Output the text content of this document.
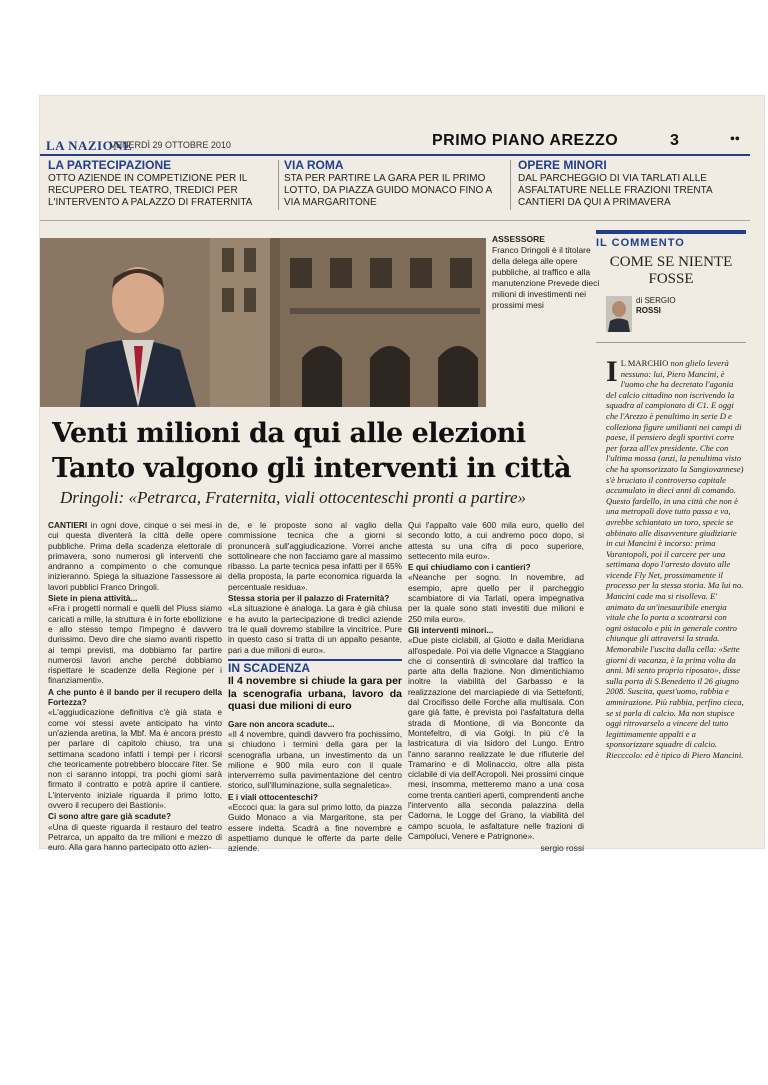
LA NAZIONE
VENERDÌ 29 OTTOBRE 2010	PRIMO PIANO AREZZO	3	••
LA PARTECIPAZIONE
OTTO AZIENDE IN COMPETIZIONE PER IL RECUPERO DEL TEATRO, TREDICI PER L'INTERVENTO A PALAZZO DI FRATERNITA
VIA ROMA
STA PER PARTIRE LA GARA PER IL PRIMO LOTTO, DA PIAZZA GUIDO MONACO FINO A VIA MARGARITONE
OPERE MINORI
DAL PARCHEGGIO DI VIA TARLATI ALLE ASFALTATURE NELLE FRAZIONI TRENTA CANTIERI DA QUI A PRIMAVERA
ASSESSORE
Franco Dringoli è il titolare della delega alle opere pubbliche, al traffico e alla manutenzione Prevede dieci milioni di investimenti nei prossimi mesi
Venti milioni da qui alle elezioni
Tanto valgono gli interventi in città
Dringoli: «Petrarca, Fraternita, viali ottocenteschi pronti a partire»

CANTIERI in ogni dove, cinque o sei mesi in cui questa diventerà la città delle opere pubbliche. Prima della scadenza elettorale di primavera, sono numerosi gli interventi che andranno a compimento o che comunque inizieranno. Spiega la situazione l'assessore ai lavori pubblici Franco Dringoli.

Siete in piena attività...

«Fra i progetti normali e quelli del Piuss siamo caricati a mille, la struttura è in forte ebollizione e allo stesso tempo l'impegno è davvero durissimo. Devo dire che siamo avanti rispetto ai tempi previsti, ma dobbiamo far partire numerosi lavori anche perché dobbiamo rispettare le scadenze della Regione per i finanziamenti».

A che punto è il bando per il recupero della Fortezza?

«L'aggiudicazione definitiva c'è già stata e come voi stessi avete anticipato ha vinto un'azienda aretina, la Mbf. Ma è ancora presto per parlare di capitolo chiuso, tra una settimana scadono infatti i tempi per i ricorsi che teoricamente potrebbero bloccare l'iter. Se non ci saranno intoppi, tra pochi giorni sarà firmato il contratto e potrà aprire il cantiere. L'intervento iniziale riguarda il primo lotto, ovvero il recupero dei Bastioni».

Ci sono altre gare già scadute?

«Una di queste riguarda il restauro del teatro Petrarca, un appalto da tre milioni e mezzo di euro. Alla gara hanno partecipato otto azien-

de, e le proposte sono al vaglio della commissione tecnica che a giorni si pronuncerà sull'aggiudicazione. Vorrei anche sottolineare che non facciamo gare al massimo ribasso. La parte tecnica pesa infatti per il 65% della proposta, la parte economica riguarda la percentuale residua».

Stessa storia per il palazzo di Fraternità?

«La situazione è analoga. La gara è già chiusa e ha avuto la partecipazione di tredici aziende tra le quali dovremo stabilire la vincitrice. Pure in questo caso si tratta di un appalto pesante, pari a due milioni di euro».

IN SCADENZA
Il 4 novembre si chiude la gara per la scenografia urbana, lavoro da quasi due milioni di euro

Gare non ancora scadute...

«Il 4 novembre, quindi davvero fra pochissimo, si chiudono i termini della gara per la scenografia urbana, un investimento da un milione e 900 mila euro con il quale interverremo sulla pavimentazione del centro storico, sull'illuminazione, sulla segnaletica».

E i viali ottocenteschi?

«Eccoci qua: la gara sul primo lotto, da piazza Guido Monaco a via Margaritone, sta per essere indetta. Scadrà a fine novembre e aspettiamo dunque le offerte da parte delle aziende.

Qui l'appalto vale 600 mila euro, quello del secondo lotto, a cui andremo poco dopo, si attesta su una cifra di poco superiore, settecento mila euro».

E qui chiudiamo con i cantieri?

«Neanche per sogno. In novembre, ad esempio, apre quello per il parcheggio scambiatore di via Tarlati, opera impegnativa per la quale sono stati investiti due milioni e 250 mila euro».

Gli interventi minori...

«Due piste ciclabili, al Giotto e dalla Meridiana all'ospedale. Poi via delle Vignacce a Staggiano che ci consentirà di svincolare dal traffico la parte alta della frazione. Non dimentichiamo inoltre la viabilità del Garbasso e la realizzazione del marciapiede di via Settefonti, dal Crocifisso delle Forche alla multisala. Con gare già fatte, è prevista poi l'asfaltatura della strada di Montione, di via Bonconte da Montefeltro, di via Golgi. In più c'è la lastricatura di via Isidoro del Lungo. Entro l'anno saranno realizzate le due rifiuterie del Tramarino e di Molinaccio, oltre alla pista ciclabile di via dell'Acropoli. Nei prossimi cinque mesi, insomma, metteremo mano a una cosa come trenta cantieri aperti, comprendenti anche l'intervento alla seconda palazzina della Cadorna, le Logge del Grano, la viabilità del campo scuola, le asfaltature nelle frazioni di Campoluci, Venere e Patrignone».

sergio rossi
IL COMMENTO
COME SE NIENTE FOSSE
di SERGIO
ROSSI
I L MARCHIO non glielo leverà nessuno: lui, Piero Mancini, è l'uomo che ha decretato l'agonia del calcio cittadino non iscrivendo la squadra al campionato di C1. E oggi che l'Arezzo è penultimo in serie D e colleziona figure umilianti nei campi di paese, il pensiero degli sportivi corre per forza all'ex presidente. Che con l'ultima mossa (anzi, la penultima visto che ha sponsorizzato la Sangiovannese) s'è bruciato il controverso capitale accumulato in dieci anni di comando. Questo fardello, in una città che non è una metropoli dove tutto passa e va, avrebbe schiantato un toro, specie se abbinato alle disavventure giudiziarie in cui Mancini è incorso: prima Varantopoli, poi il carcere per una settimana dopo l'arresto dovuto alle vicende Fly Net, prossimamente il processo per la stessa storia. Ma lui no. Mancini cade ma si risolleva. E' animato da un'inesauribile energia vitale che lo porta a scontrarsi con ogni ostacolo e più in generale contro chiunque gli attraversi la strada. Memorabile l'uscita dalla cella: «Sette giorni di vacanza, è la prima volta da anni. Mi sento proprio riposato», disse sulla porta di S.Benedetto il 26 giugno 2008. Suscita, quest'uomo, rabbia e ammirazione. Più rabbia, perfino cieca, se si parla di calcio. Ma non stupisce oggi ritrovarselo a vincere del tutto legittimamente appalti e a sponsorizzare squadre di calcio. Riecccolo: ed è tipico di Piero Mancini.
